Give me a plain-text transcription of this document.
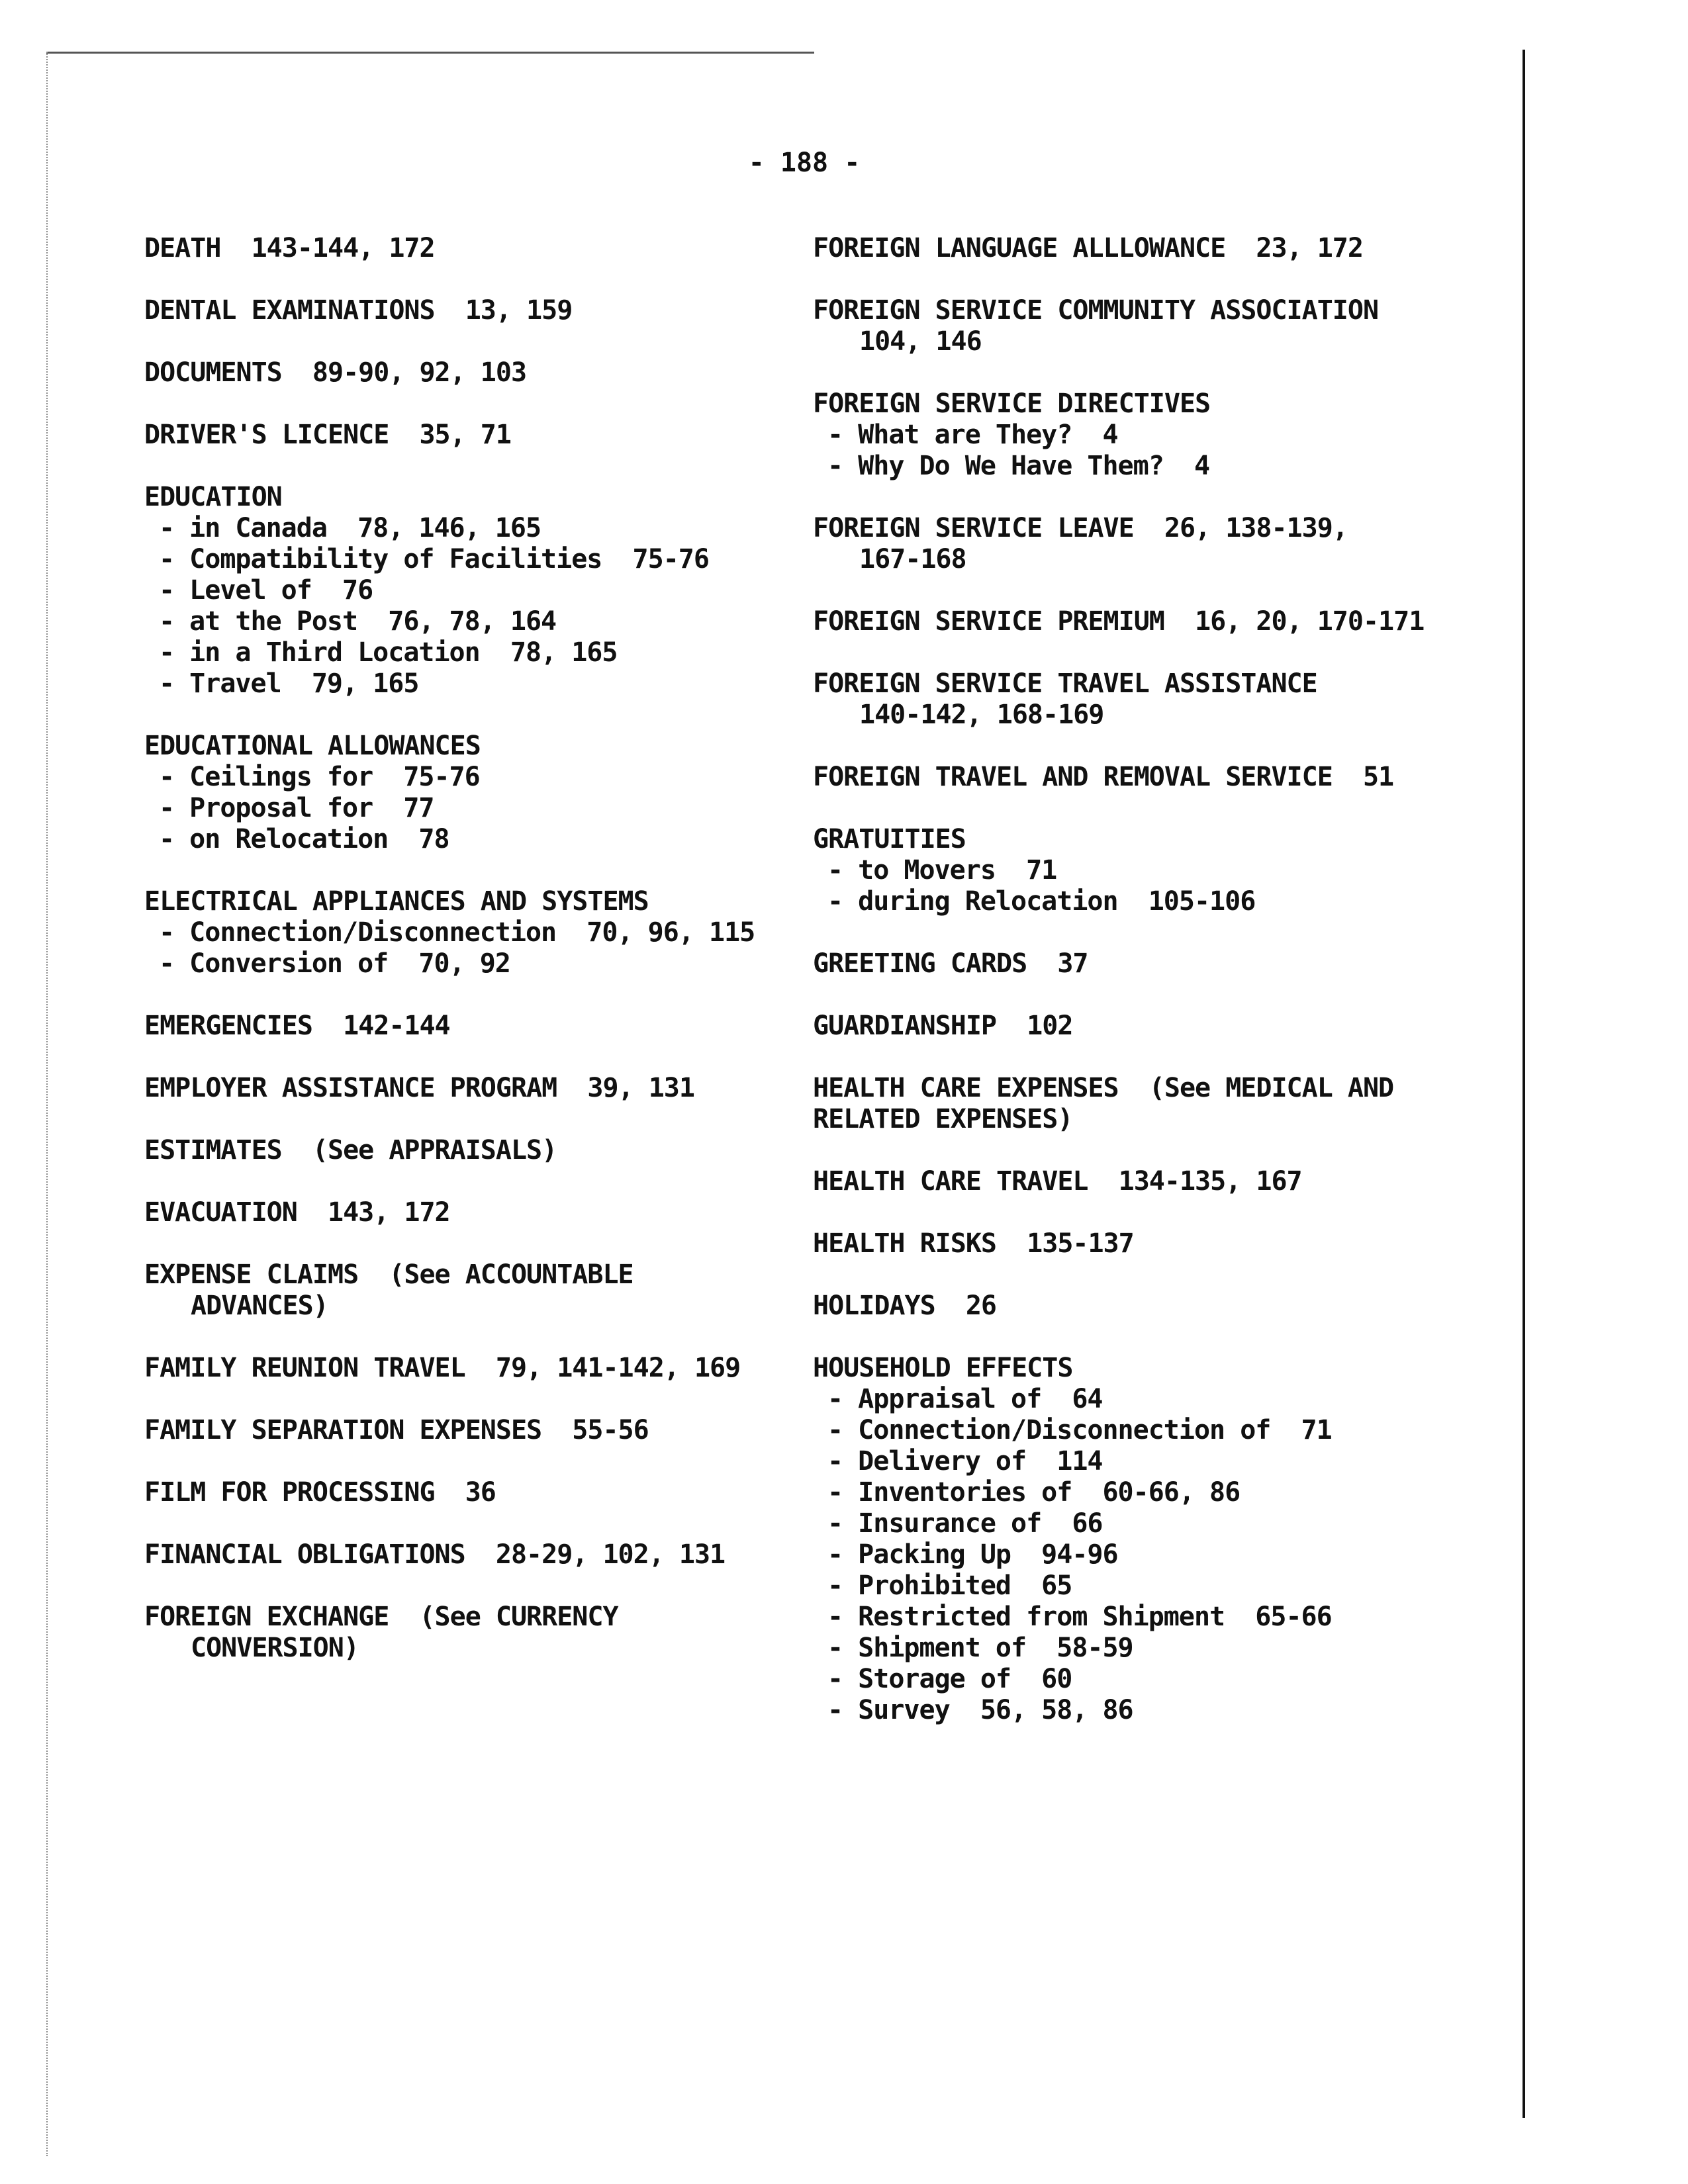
- 188 -
DEATH  143-144, 172
DENTAL EXAMINATIONS  13, 159
DOCUMENTS  89-90, 92, 103
DRIVER'S LICENCE  35, 71
EDUCATION
- in Canada  78, 146, 165
- Compatibility of Facilities  75-76
- Level of  76
- at the Post  76, 78, 164
- in a Third Location  78, 165
- Travel  79, 165
EDUCATIONAL ALLOWANCES
- Ceilings for  75-76
- Proposal for  77
- on Relocation  78
ELECTRICAL APPLIANCES AND SYSTEMS
- Connection/Disconnection  70, 96, 115
- Conversion of  70, 92
EMERGENCIES  142-144
EMPLOYER ASSISTANCE PROGRAM  39, 131
ESTIMATES  (See APPRAISALS)
EVACUATION  143, 172
EXPENSE CLAIMS  (See ACCOUNTABLE
ADVANCES)
FAMILY REUNION TRAVEL  79, 141-142, 169
FAMILY SEPARATION EXPENSES  55-56
FILM FOR PROCESSING  36
FINANCIAL OBLIGATIONS  28-29, 102, 131
FOREIGN EXCHANGE  (See CURRENCY
CONVERSION)
FOREIGN LANGUAGE ALLLOWANCE  23, 172
FOREIGN SERVICE COMMUNITY ASSOCIATION
104, 146
FOREIGN SERVICE DIRECTIVES
- What are They?  4
- Why Do We Have Them?  4
FOREIGN SERVICE LEAVE  26, 138-139,
167-168
FOREIGN SERVICE PREMIUM  16, 20, 170-171
FOREIGN SERVICE TRAVEL ASSISTANCE
140-142, 168-169
FOREIGN TRAVEL AND REMOVAL SERVICE  51
GRATUITIES
- to Movers  71
- during Relocation  105-106
GREETING CARDS  37
GUARDIANSHIP  102
HEALTH CARE EXPENSES  (See MEDICAL AND
RELATED EXPENSES)
HEALTH CARE TRAVEL  134-135, 167
HEALTH RISKS  135-137
HOLIDAYS  26
HOUSEHOLD EFFECTS
- Appraisal of  64
- Connection/Disconnection of  71
- Delivery of  114
- Inventories of  60-66, 86
- Insurance of  66
- Packing Up  94-96
- Prohibited  65
- Restricted from Shipment  65-66
- Shipment of  58-59
- Storage of  60
- Survey  56, 58, 86
